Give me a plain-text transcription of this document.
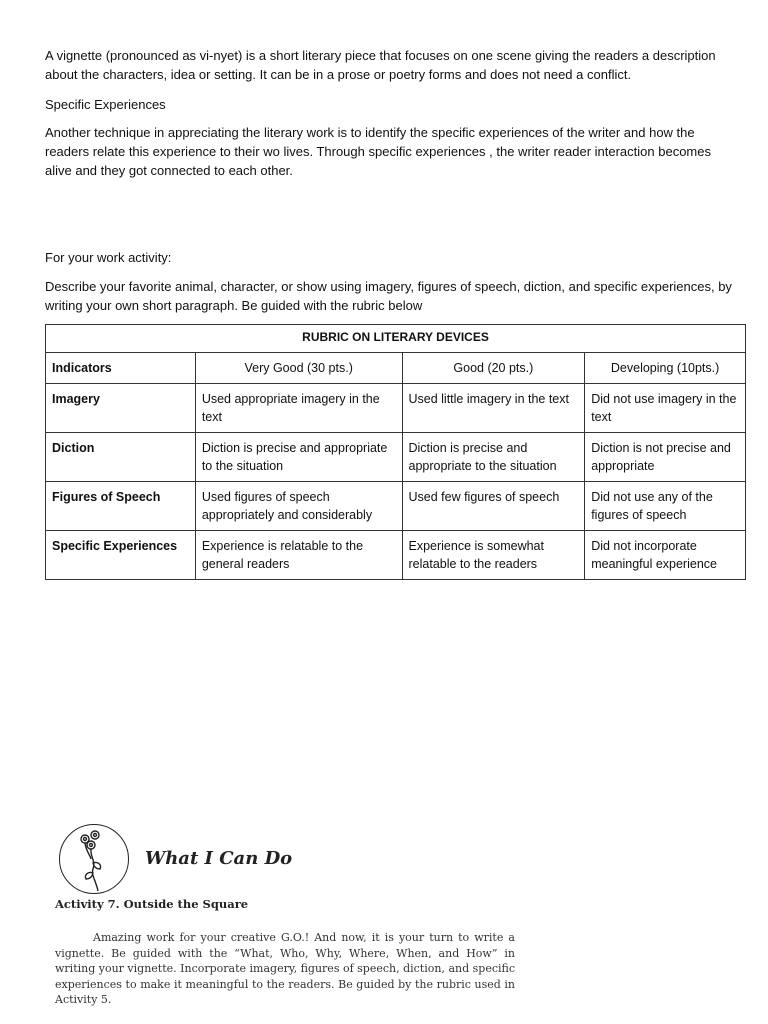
A vignette (pronounced as vi-nyet) is a short literary piece that focuses on one scene giving the readers a description about the characters, idea or setting. It can be in a prose or poetry forms and does not need a conflict.

Specific Experiences

Another technique in appreciating the literary work is to identify the specific experiences of the writer and how the readers relate this experience to their wo lives. Through specific experiences , the writer reader interaction becomes alive and they got connected to each other.

For your work activity:

Describe your favorite animal, character, or show using imagery, figures of speech, diction, and specific experiences, by writing your own short paragraph. Be guided with the rubric below

RUBRIC ON LITERARY DEVICES			
Indicators	Very Good (30 pts.)	Good (20 pts.)	Developing (10pts.)
Imagery	Used appropriate imagery in the text	Used little imagery in the text	Did not use imagery in the text
Diction	Diction is precise and appropriate to the situation	Diction is precise and appropriate to the situation	Diction is not precise and appropriate
Figures of Speech	Used figures of speech appropriately and considerably	Used few figures of speech	Did not use any of the figures of speech
Specific Experiences	Experience is relatable to the general readers	Experience is somewhat relatable to the readers	Did not incorporate meaningful experience
What I Can Do
Activity 7. Outside the Square
Amazing work for your creative G.O.! And now, it is your turn to write a vignette. Be guided with the “What, Who, Why, Where, When, and How” in writing your vignette. Incorporate imagery, figures of speech, diction, and specific experiences to make it meaningful to the readers. Be guided by the rubric used in Activity 5.
